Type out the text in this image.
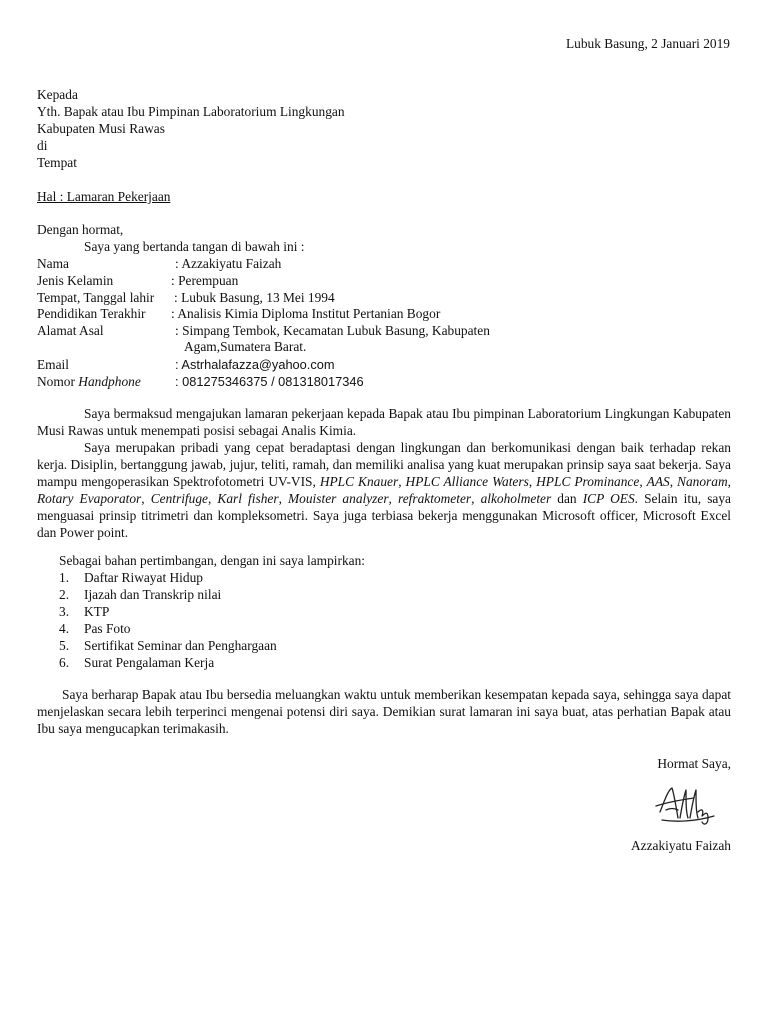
Lubuk Basung, 2 Januari 2019
Kepada
Yth. Bapak atau Ibu Pimpinan Laboratorium Lingkungan
Kabupaten Musi Rawas
di
Tempat
Hal : Lamaran Pekerjaan
Dengan hormat,
Saya yang bertanda tangan di bawah ini :
Nama	: Azzakiyatu Faizah
Jenis Kelamin	: Perempuan
Tempat, Tanggal lahir : Lubuk Basung, 13 Mei 1994
Pendidikan Terakhir : Analisis Kimia Diploma Institut Pertanian Bogor
Alamat Asal	: Simpang Tembok, Kecamatan Lubuk Basung, Kabupaten
Agam,Sumatera Barat.
Email	: Astrhalafazza@yahoo.com
Nomor Handphone	: 081275346375 / 081318017346
Saya bermaksud mengajukan lamaran pekerjaan kepada Bapak atau Ibu pimpinan Laboratorium Lingkungan Kabupaten Musi Rawas untuk menempati posisi sebagai Analis Kimia.
Saya merupakan pribadi yang cepat beradaptasi dengan lingkungan dan berkomunikasi dengan baik terhadap rekan kerja. Disiplin, bertanggung jawab, jujur, teliti, ramah, dan memiliki analisa yang kuat merupakan prinsip saya saat bekerja. Saya mampu mengoperasikan Spektrofotometri UV-VIS, HPLC Knauer, HPLC Alliance Waters, HPLC Prominance, AAS, Nanoram, Rotary Evaporator, Centrifuge, Karl fisher, Mouister analyzer, refraktometer, alkoholmeter dan ICP OES. Selain itu, saya menguasai prinsip titrimetri dan kompleksometri. Saya juga terbiasa bekerja menggunakan Microsoft officer, Microsoft Excel dan Power point.
Sebagai bahan pertimbangan, dengan ini saya lampirkan:
1. Daftar Riwayat Hidup
2. Ijazah dan Transkrip nilai
3. KTP
4. Pas Foto
5. Sertifikat Seminar dan Penghargaan
6. Surat Pengalaman Kerja
Saya berharap Bapak atau Ibu bersedia meluangkan waktu untuk memberikan kesempatan kepada saya, sehingga saya dapat menjelaskan secara lebih terperinci mengenai potensi diri saya. Demikian surat lamaran ini saya buat, atas perhatian Bapak atau Ibu saya mengucapkan terimakasih.
Hormat Saya,
Azzakiyatu Faizah
